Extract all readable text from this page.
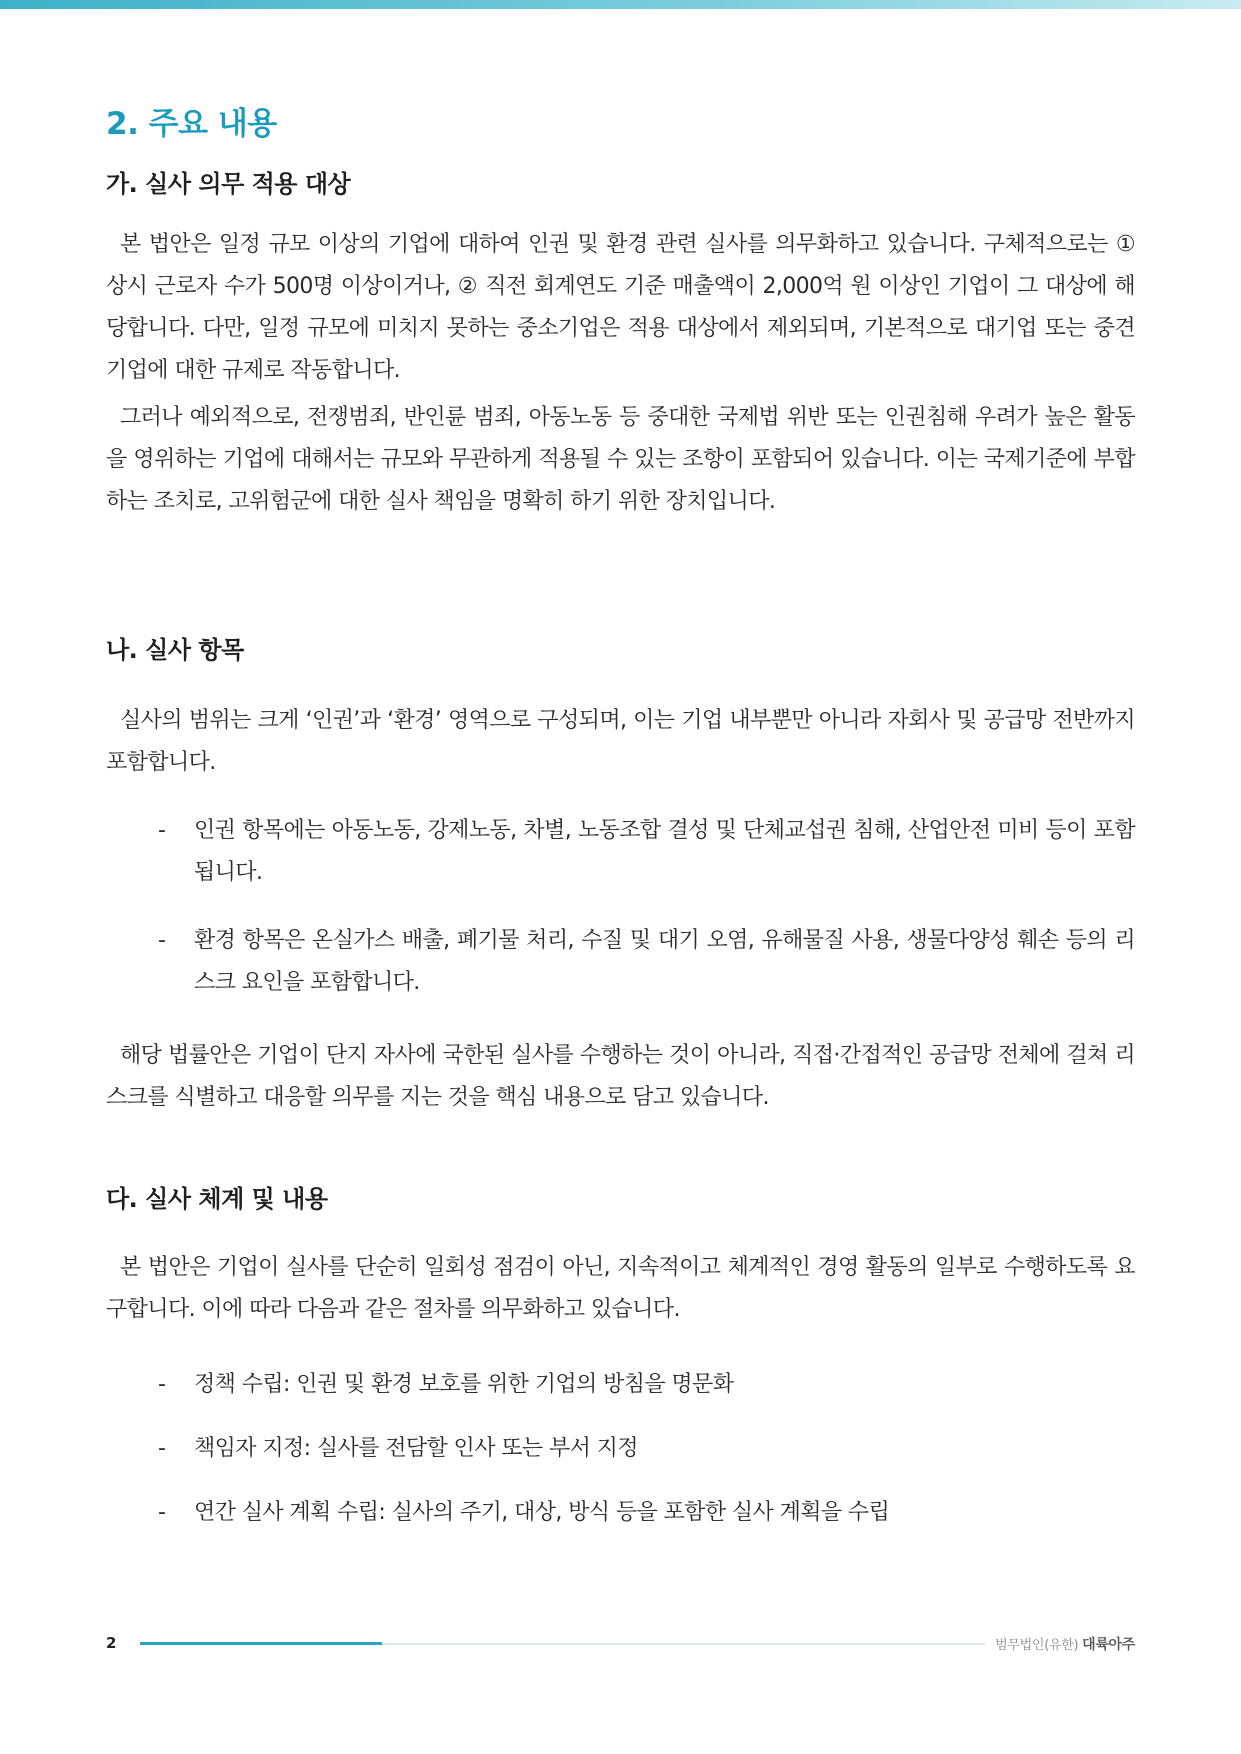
2. 주요 내용
가. 실사 의무 적용 대상

본 법안은 일정 규모 이상의 기업에 대하여 인권 및 환경 관련 실사를 의무화하고 있습니다. 구체적으로는 ① 상시 근로자 수가 500명 이상이거나, ② 직전 회계연도 기준 매출액이 2,000억 원 이상인 기업이 그 대상에 해당합니다. 다만, 일정 규모에 미치지 못하는 중소기업은 적용 대상에서 제외되며, 기본적으로 대기업 또는 중견기업에 대한 규제로 작동합니다.

그러나 예외적으로, 전쟁범죄, 반인륜 범죄, 아동노동 등 중대한 국제법 위반 또는 인권침해 우려가 높은 활동을 영위하는 기업에 대해서는 규모와 무관하게 적용될 수 있는 조항이 포함되어 있습니다. 이는 국제기준에 부합하는 조치로, 고위험군에 대한 실사 책임을 명확히 하기 위한 장치입니다.

나. 실사 항목

실사의 범위는 크게 ‘인권’과 ‘환경’ 영역으로 구성되며, 이는 기업 내부뿐만 아니라 자회사 및 공급망 전반까지 포함합니다.

- 인권 항목에는 아동노동, 강제노동, 차별, 노동조합 결성 및 단체교섭권 침해, 산업안전 미비 등이 포함됩니다.
- 환경 항목은 온실가스 배출, 폐기물 처리, 수질 및 대기 오염, 유해물질 사용, 생물다양성 훼손 등의 리스크 요인을 포함합니다.

해당 법률안은 기업이 단지 자사에 국한된 실사를 수행하는 것이 아니라, 직접·간접적인 공급망 전체에 걸쳐 리스크를 식별하고 대응할 의무를 지는 것을 핵심 내용으로 담고 있습니다.

다. 실사 체계 및 내용

본 법안은 기업이 실사를 단순히 일회성 점검이 아닌, 지속적이고 체계적인 경영 활동의 일부로 수행하도록 요구합니다. 이에 따라 다음과 같은 절차를 의무화하고 있습니다.

- 정책 수립: 인권 및 환경 보호를 위한 기업의 방침을 명문화
- 책임자 지정: 실사를 전담할 인사 또는 부서 지정
- 연간 실사 계획 수립: 실사의 주기, 대상, 방식 등을 포함한 실사 계획을 수립
2	범무법인(유한) 대륙아주
